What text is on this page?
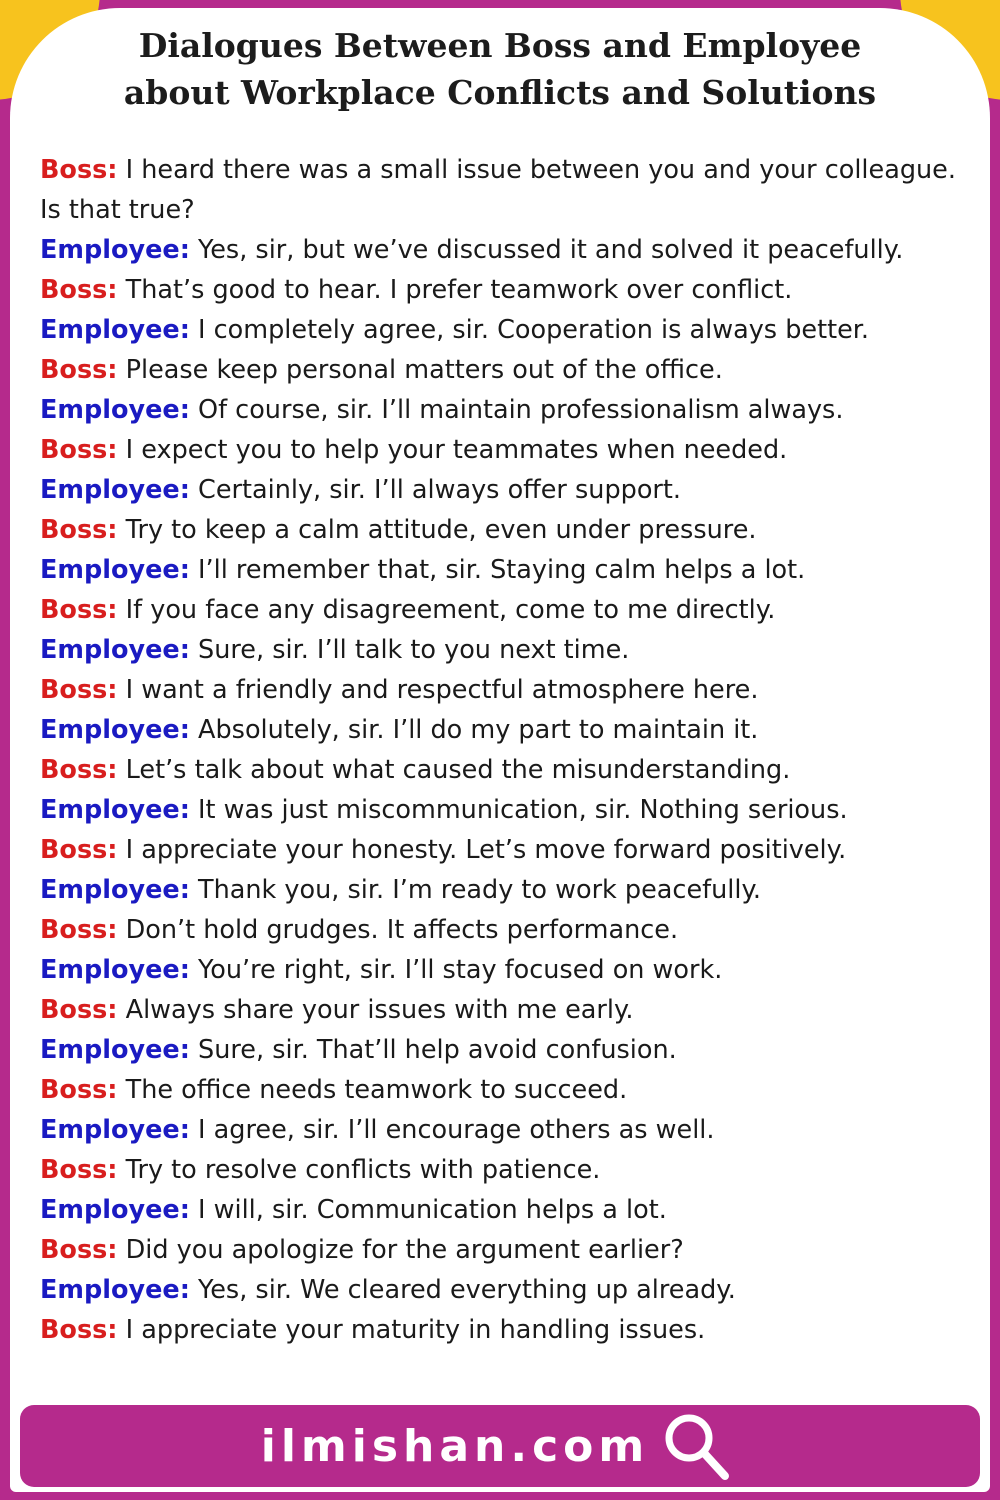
Dialogues Between Boss and Employee
about Workplace Conflicts and Solutions

Boss: I heard there was a small issue between you and your colleague. Is that true?

Employee: Yes, sir, but we’ve discussed it and solved it peacefully.

Boss: That’s good to hear. I prefer teamwork over conflict.

Employee: I completely agree, sir. Cooperation is always better.

Boss: Please keep personal matters out of the office.

Employee: Of course, sir. I’ll maintain professionalism always.

Boss: I expect you to help your teammates when needed.

Employee: Certainly, sir. I’ll always offer support.

Boss: Try to keep a calm attitude, even under pressure.

Employee: I’ll remember that, sir. Staying calm helps a lot.

Boss: If you face any disagreement, come to me directly.

Employee: Sure, sir. I’ll talk to you next time.

Boss: I want a friendly and respectful atmosphere here.

Employee: Absolutely, sir. I’ll do my part to maintain it.

Boss: Let’s talk about what caused the misunderstanding.

Employee: It was just miscommunication, sir. Nothing serious.

Boss: I appreciate your honesty. Let’s move forward positively.

Employee: Thank you, sir. I’m ready to work peacefully.

Boss: Don’t hold grudges. It affects performance.

Employee: You’re right, sir. I’ll stay focused on work.

Boss: Always share your issues with me early.

Employee: Sure, sir. That’ll help avoid confusion.

Boss: The office needs teamwork to succeed.

Employee: I agree, sir. I’ll encourage others as well.

Boss: Try to resolve conflicts with patience.

Employee: I will, sir. Communication helps a lot.

Boss: Did you apologize for the argument earlier?

Employee: Yes, sir. We cleared everything up already.

Boss: I appreciate your maturity in handling issues.

ilmishan.com
